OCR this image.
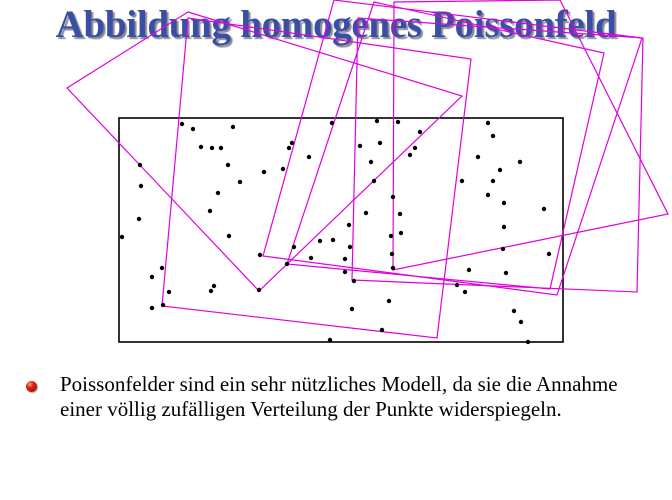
Abbildung homogenes Poissonfeld

Poissonfelder sind ein sehr nützliches Modell, da sie die Annahme einer völlig zufälligen Verteilung der Punkte widerspiegeln.
